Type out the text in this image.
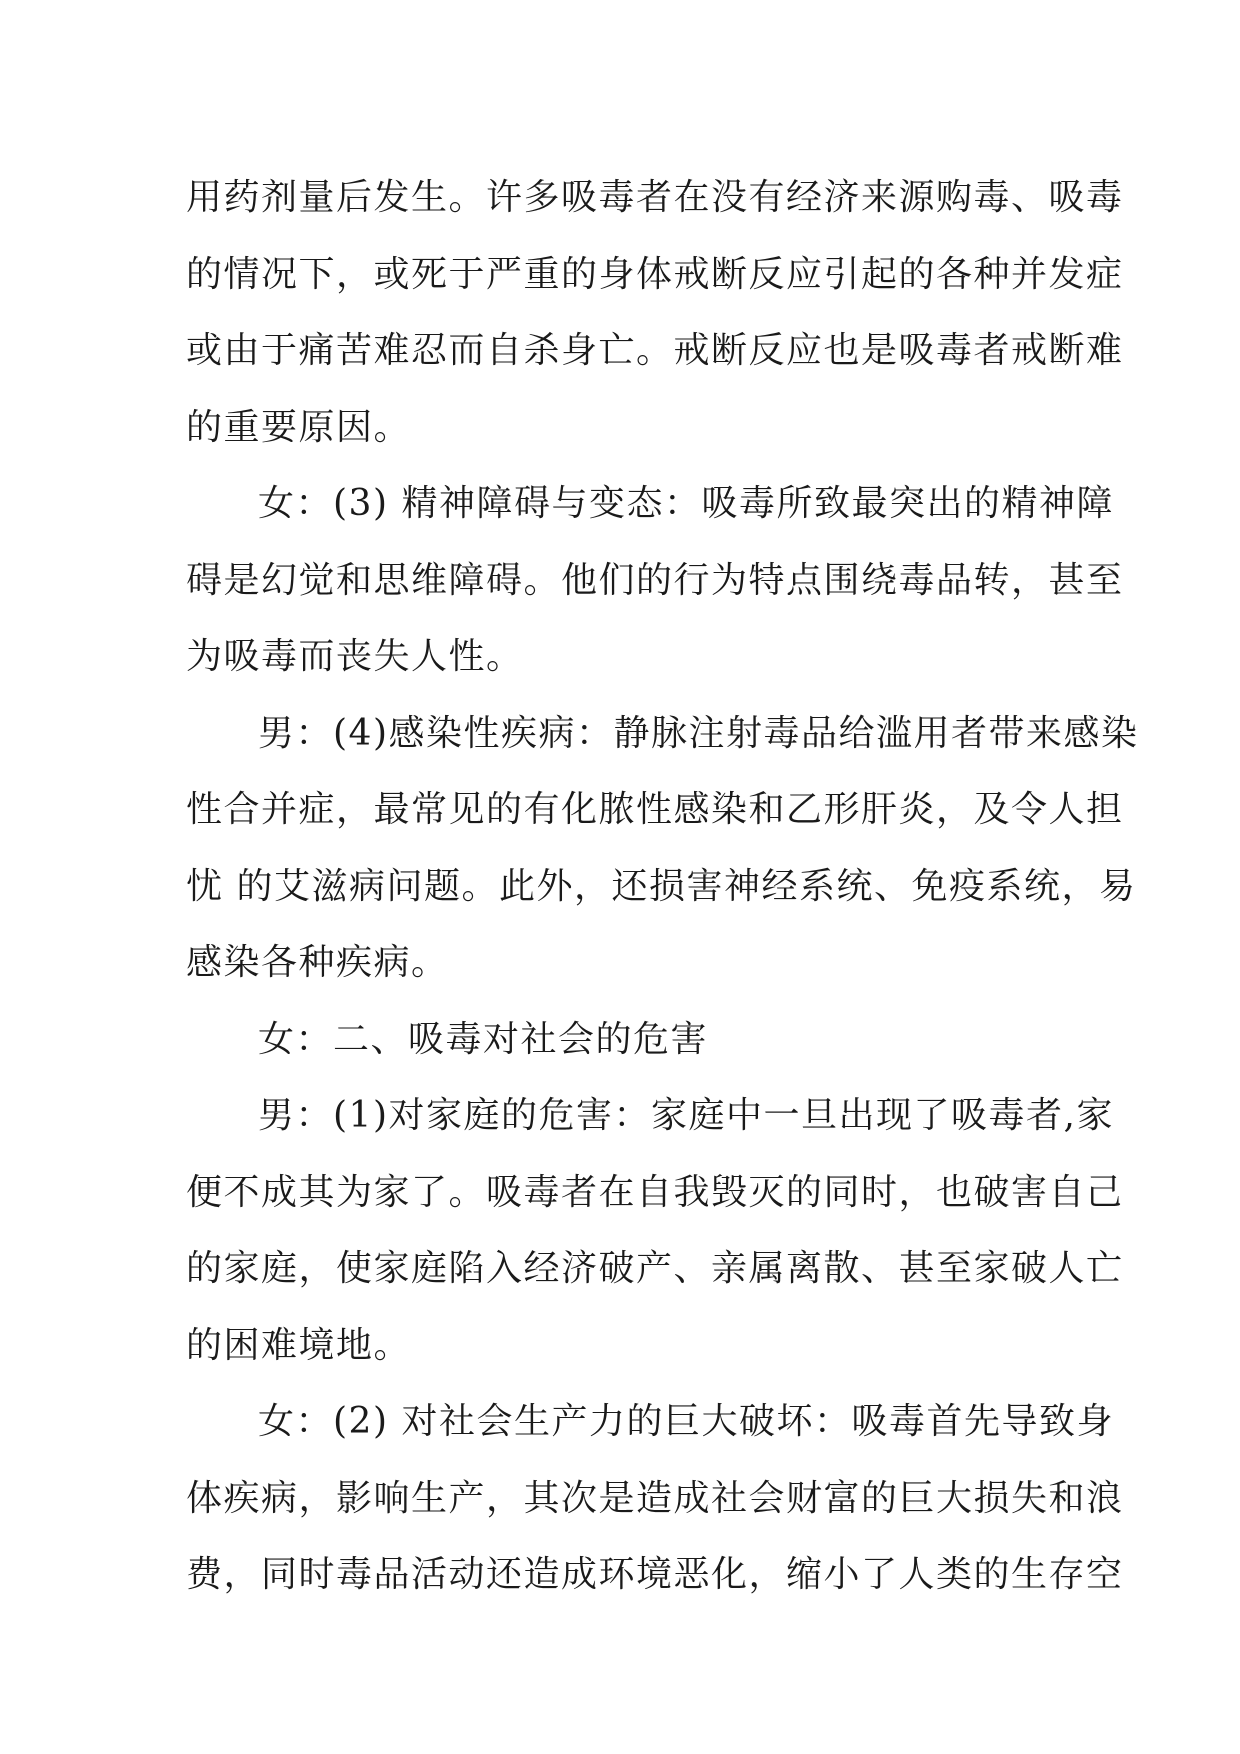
用药剂量后发生。许多吸毒者在没有经济来源购毒、吸毒
的情况下，或死于严重的身体戒断反应引起的各种并发症
或由于痛苦难忍而自杀身亡。戒断反应也是吸毒者戒断难
的重要原因。
女：(3) 精神障碍与变态：吸毒所致最突出的精神障
碍是幻觉和思维障碍。他们的行为特点围绕毒品转，甚至
为吸毒而丧失人性。
男：(4)感染性疾病：静脉注射毒品给滥用者带来感染
性合并症，最常见的有化脓性感染和乙形肝炎，及令人担
忧 的艾滋病问题。此外，还损害神经系统、免疫系统，易
感染各种疾病。
女：二、吸毒对社会的危害
男：(1)对家庭的危害：家庭中一旦出现了吸毒者,家
便不成其为家了。吸毒者在自我毁灭的同时，也破害自己
的家庭，使家庭陷入经济破产、亲属离散、甚至家破人亡
的困难境地。
女：(2) 对社会生产力的巨大破坏：吸毒首先导致身
体疾病，影响生产，其次是造成社会财富的巨大损失和浪
费，同时毒品活动还造成环境恶化，缩小了人类的生存空
